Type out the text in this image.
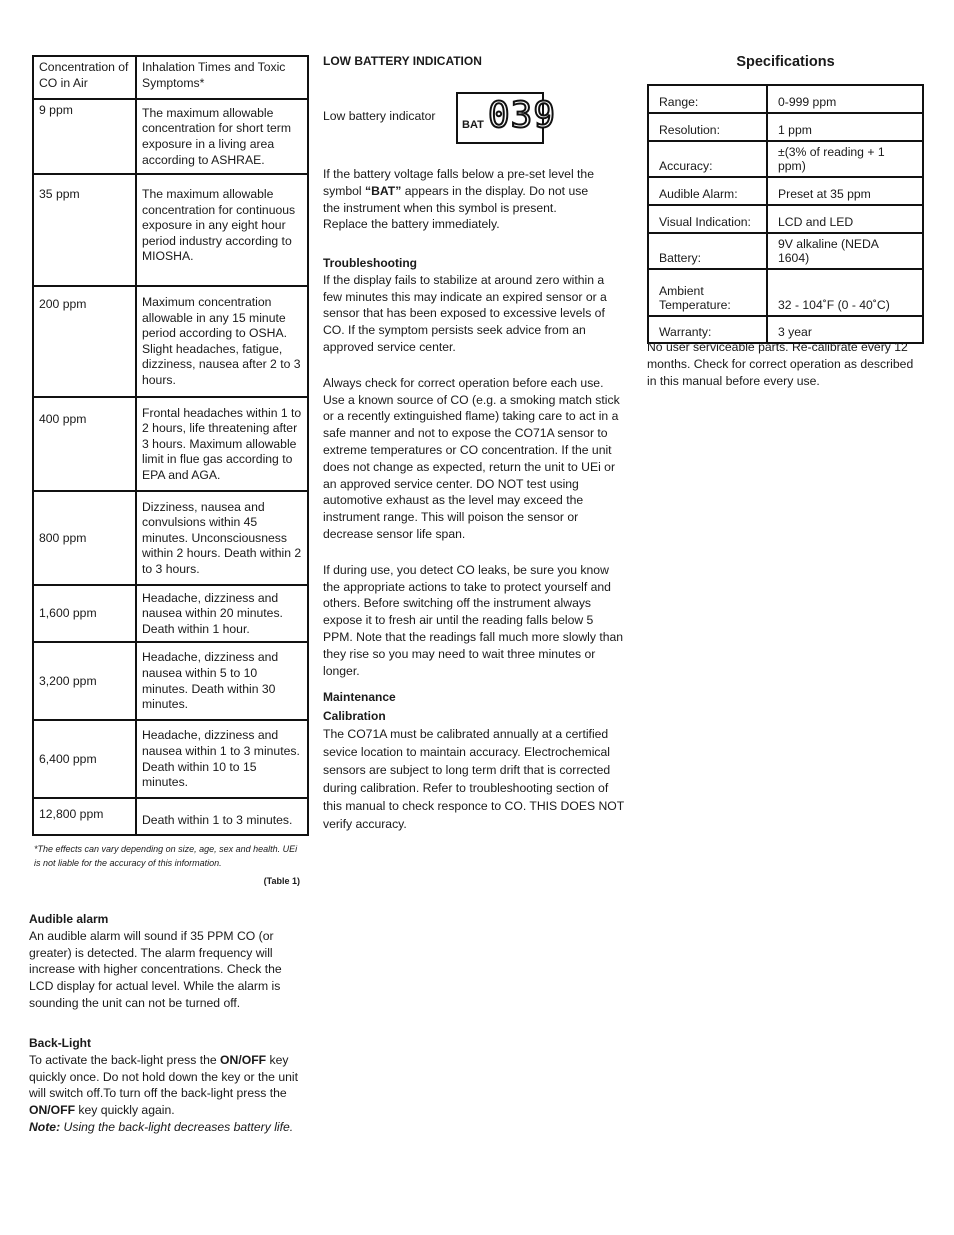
Concentration of CO in Air	Inhalation Times and Toxic Symptoms*
9 ppm	The maximum allowable concentration for short term exposure in a living area according to ASHRAE.
35 ppm	The maximum allowable concentration for continuous exposure in any eight hour period industry according to MIOSHA.
200 ppm	Maximum concentration allowable in any 15 minute period according to OSHA. Slight headaches, fatigue, dizziness, nausea after 2 to 3 hours.
400 ppm	Frontal headaches within 1 to 2 hours, life threatening after 3 hours. Maximum allowable limit in flue gas according to EPA and AGA.
800 ppm	Dizziness, nausea and convulsions within 45 minutes. Unconsciousness within 2 hours. Death within 2 to 3 hours.
1,600 ppm	Headache, dizziness and nausea within 20 minutes. Death within 1 hour.
3,200 ppm	Headache, dizziness and nausea within 5 to 10 minutes. Death within 30 minutes.
6,400 ppm	Headache, dizziness and nausea within 1 to 3 minutes. Death within 10 to 15 minutes.
12,800 ppm	Death within 1 to 3 minutes.

*The effects can vary depending on size, age, sex and health. UEi is not liable for the accuracy of this information.

(Table 1)

Audible alarm

An audible alarm will sound if 35 PPM CO (or greater) is detected. The alarm frequency will increase with higher concentrations. Check the LCD display for actual level. While the alarm is sounding the unit can not be turned off.

Back-Light

To activate the back-light press the ON/OFF key quickly once. Do not hold down the key or the unit will switch off.To turn off the back-light press the ON/OFF key quickly again.

Note: Using the back-light decreases battery life.

LOW BATTERY INDICATION

Low battery indicator

BAT 039

If the battery voltage falls below a pre-set level the symbol “BAT” appears in the display. Do not use the instrument when this symbol is present. Replace the battery immediately.

Troubleshooting

If the display fails to stabilize at around zero within a few minutes this may indicate an expired sensor or a sensor that has been exposed to excessive levels of CO. If the symptom persists seek advice from an approved service center.

Always check for correct operation before each use. Use a known source of CO (e.g. a smoking match stick or a recently extinguished flame) taking care to act in a safe manner and not to expose the CO71A sensor to extreme temperatures or CO concentration. If the unit does not change as expected, return the unit to UEi or an approved service center. DO NOT test using automotive exhaust as the level may exceed the instrument range. This will poison the sensor or decrease sensor life span.

If during use, you detect CO leaks, be sure you know the appropriate actions to take to protect yourself and others. Before switching off the instrument always expose it to fresh air until the reading falls below 5 PPM. Note that the readings fall much more slowly than they rise so you may need to wait three minutes or longer.

Maintenance

Calibration

The CO71A must be calibrated annually at a certified sevice location to maintain accuracy. Electrochemical sensors are subject to long term drift that is corrected during calibration. Refer to troubleshooting section of this manual to check responce to CO. THIS DOES NOT verify accuracy.

Specifications

Range:	0-999 ppm
Resolution:	1 ppm
Accuracy:	±(3% of reading + 1 ppm)
Audible Alarm:	Preset at 35 ppm
Visual Indication:	LCD and LED
Battery:	9V alkaline (NEDA 1604)
Ambient Temperature:	32 - 104˚F (0 - 40˚C)
Warranty:	3 year

No user serviceable parts. Re-calibrate every 12 months. Check for correct operation as described in this manual before every use.
